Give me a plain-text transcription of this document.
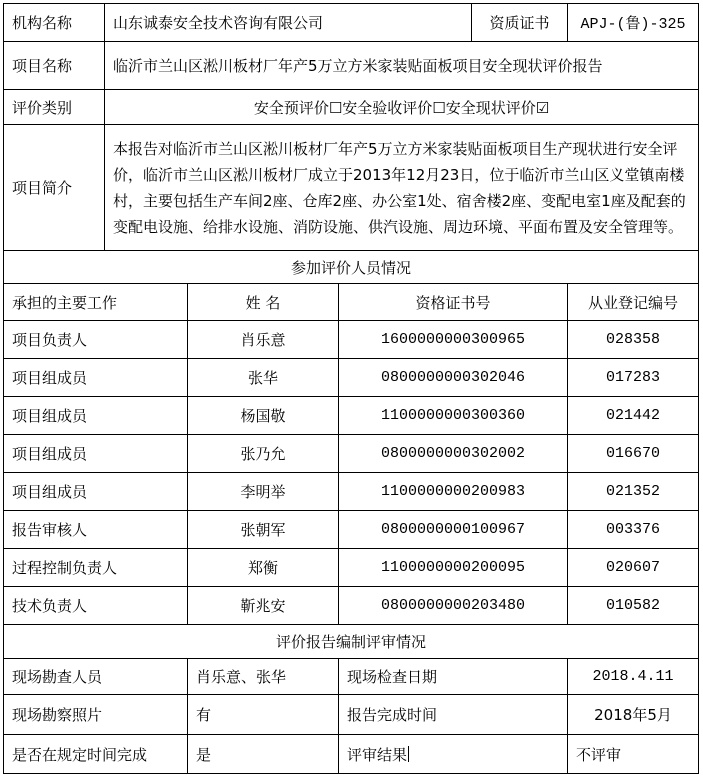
机构名称	山东诚泰安全技术咨询有限公司			资质证书	APJ-(鲁)-325
项目名称	临沂市兰山区淞川板材厂年产5万立方米家装贴面板项目安全现状评价报告				
评价类别	安全预评价☐安全验收评价☐安全现状评价☑				
项目简介	本报告对临沂市兰山区淞川板材厂年产5万立方米家装贴面板项目生产现状进行安全评价，临沂市兰山区淞川板材厂成立于2013年12月23日，位于临沂市兰山区义堂镇南楼村，主要包括生产车间2座、仓库2座、办公室1处、宿舍楼2座、变配电室1座及配套的变配电设施、给排水设施、消防设施、供汽设施、周边环境、平面布置及安全管理等。				
参加评价人员情况					
承担的主要工作		姓 名	资格证书号		从业登记编号
项目负责人		肖乐意	1600000000300965		028358
项目组成员		张华	0800000000302046		017283
项目组成员		杨国敬	1100000000300360		021442
项目组成员		张乃允	0800000000302002		016670
项目组成员		李明举	1100000000200983		021352
报告审核人		张朝军	0800000000100967		003376
过程控制负责人		郑衡	1100000000200095		020607
技术负责人		靳兆安	0800000000203480		010582
评价报告编制评审情况					
现场勘查人员		肖乐意、张华	现场检查日期		2018.4.11
现场勘察照片		有	报告完成时间		2018年5月
是否在规定时间完成		是	评审结果		不评审
